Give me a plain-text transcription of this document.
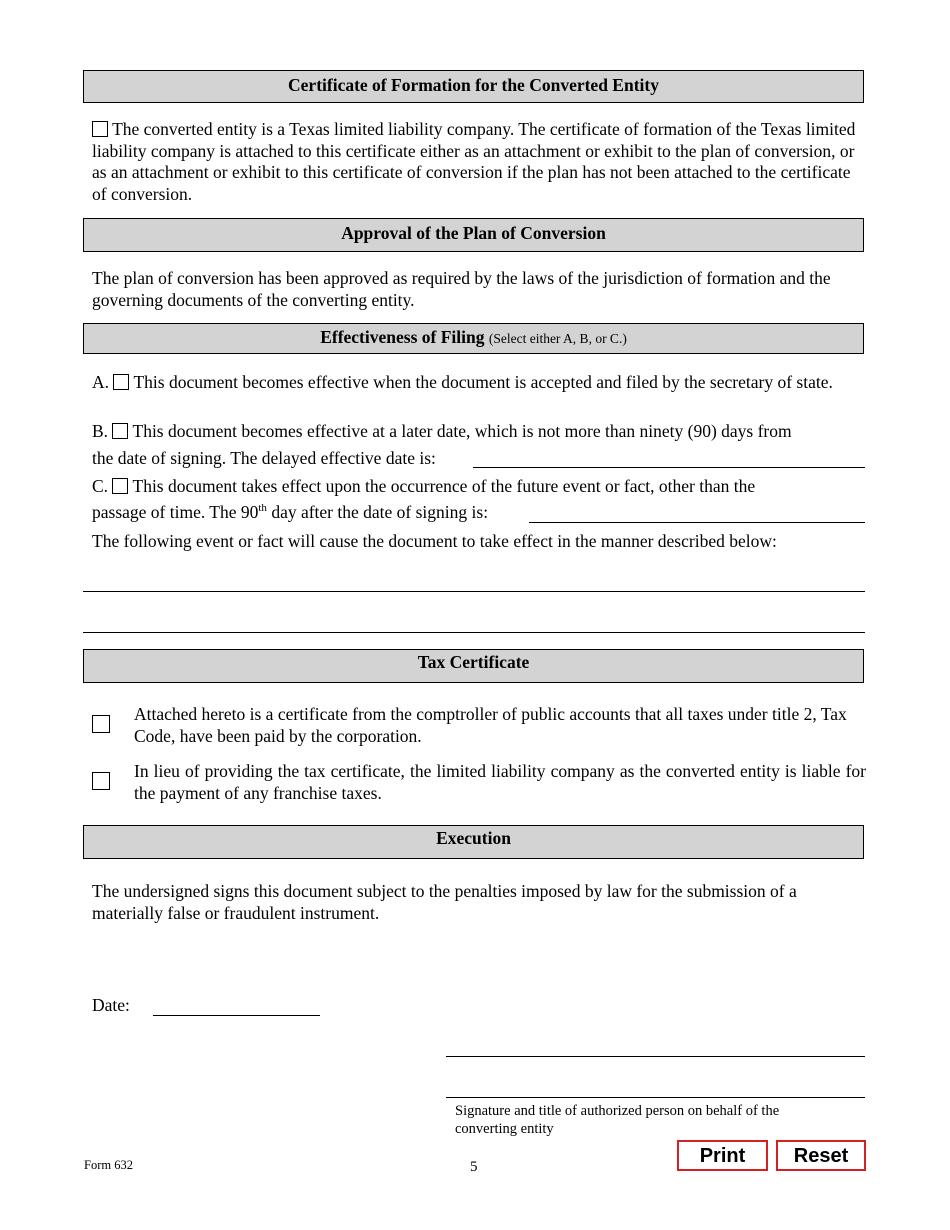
Certificate of Formation for the Converted Entity
The converted entity is a Texas limited liability company. The certificate of formation of the Texas limited liability company is attached to this certificate either as an attachment or exhibit to the plan of conversion, or as an attachment or exhibit to this certificate of conversion if the plan has not been attached to the certificate of conversion.
Approval of the Plan of Conversion
The plan of conversion has been approved as required by the laws of the jurisdiction of formation and the governing documents of the converting entity.
Effectiveness of Filing (Select either A, B, or C.)
A. This document becomes effective when the document is accepted and filed by the secretary of state.
B. This document becomes effective at a later date, which is not more than ninety (90) days from
the date of signing. The delayed effective date is:
C. This document takes effect upon the occurrence of the future event or fact, other than the
passage of time. The 90th day after the date of signing is:
The following event or fact will cause the document to take effect in the manner described below:
Tax Certificate
Attached hereto is a certificate from the comptroller of public accounts that all taxes under title 2, Tax Code, have been paid by the corporation.
In lieu of providing the tax certificate, the limited liability company as the converted entity is liable for the payment of any franchise taxes.
Execution
The undersigned signs this document subject to the penalties imposed by law for the submission of a materially false or fraudulent instrument.
Date:
Signature and title of authorized person on behalf of the converting entity
Form 632	5	Print	Reset
